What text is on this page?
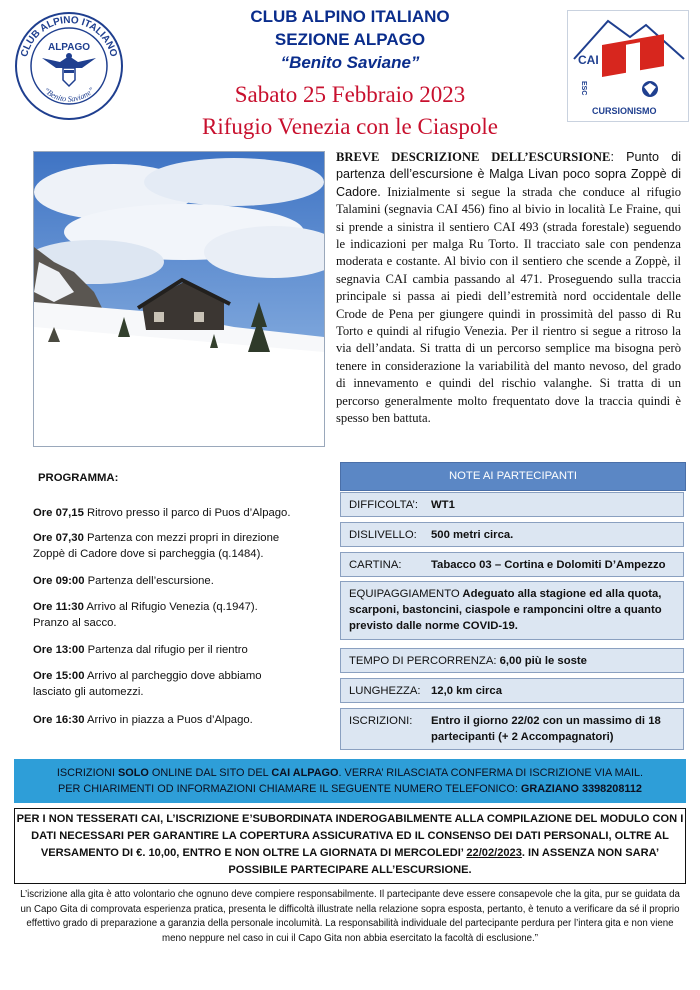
CLUB ALPINO ITALIANO
ALPAGO
“Benito Saviane”
CAI
ESC
CURSIONISMO
CLUB ALPINO ITALIANO
SEZIONE ALPAGO
“Benito Saviane”
Sabato 25 Febbraio 2023
Rifugio Venezia con le Ciaspole
BREVE DESCRIZIONE DELL’ESCURSIONE: Punto di partenza dell’escursione è Malga Livan poco sopra Zoppè di Cadore. Inizialmente si segue la strada che conduce al rifugio Talamini (segnavia CAI 456) fino al bivio in località Le Fraine, qui si prende a sinistra il sentiero CAI 493 (strada forestale) seguendo le indicazioni per malga Ru Torto. Il tracciato sale con pendenza moderata e costante. Al bivio con il sentiero che scende a Zoppè, il segnavia CAI cambia passando al 471. Proseguendo sulla traccia principale si passa ai piedi dell’estremità nord occidentale delle Crode de Pena per giungere quindi in prossimità del passo di Ru Torto e quindi al rifugio Venezia. Per il rientro si segue a ritroso la via dell’andata. Si tratta di un percorso semplice ma bisogna però tenere in considerazione la variabilità del manto nevoso, del grado di innevamento e quindi del rischio valanghe. Si tratta di un percorso generalmente molto frequentato dove la traccia quindi è spesso ben battuta.
PROGRAMMA:
Ore 07,15 Ritrovo presso il parco di Puos d’Alpago.
Ore 07,30 Partenza con mezzi propri in direzione Zoppè di Cadore dove si parcheggia (q.1484).
Ore 09:00 Partenza dell’escursione.
Ore 11:30 Arrivo al Rifugio Venezia (q.1947). Pranzo al sacco.
Ore 13:00 Partenza dal rifugio per il rientro
Ore 15:00 Arrivo al parcheggio dove abbiamo lasciato gli automezzi.
Ore 16:30 Arrivo in piazza a Puos d’Alpago.
NOTE AI PARTECIPANTI
DIFFICOLTA’: WT1
DISLIVELLO: 500 metri circa.
CARTINA:	Tabacco 03 – Cortina e Dolomiti D’Ampezzo
EQUIPAGGIAMENTO Adeguato alla stagione ed alla quota, scarponi, bastoncini, ciaspole e ramponcini oltre a quanto previsto dalle norme COVID-19.
TEMPO DI PERCORRENZA: 6,00 più le soste
LUNGHEZZA: 12,0 km circa
ISCRIZIONI:	Entro il giorno 22/02 con un massimo di 18 partecipanti (+ 2 Accompagnatori)
ISCRIZIONI SOLO ONLINE DAL SITO DEL CAI ALPAGO. VERRA’ RILASCIATA CONFERMA DI ISCRIZIONE VIA MAIL.
PER CHIARIMENTI OD INFORMAZIONI CHIAMARE IL SEGUENTE NUMERO TELEFONICO: GRAZIANO 3398208112
PER I NON TESSERATI CAI, L’ISCRIZIONE E’SUBORDINATA INDEROGABILMENTE ALLA COMPILAZIONE DEL MODULO CON I DATI NECESSARI PER GARANTIRE LA COPERTURA ASSICURATIVA ED IL CONSENSO DEI DATI PERSONALI, OLTRE AL VERSAMENTO DI €. 10,00, ENTRO E NON OLTRE LA GIORNATA DI MERCOLEDI’ 22/02/2023. IN ASSENZA NON SARA’ POSSIBILE PARTECIPARE ALL’ESCURSIONE.
L’iscrizione alla gita è atto volontario che ognuno deve compiere responsabilmente. Il partecipante deve essere consapevole che la gita, pur se guidata da un Capo Gita di comprovata esperienza pratica, presenta le difficoltà illustrate nella relazione sopra esposta, pertanto, è tenuto a verificare da sé il proprio effettivo grado di preparazione a garanzia della personale incolumità. La responsabilità individuale del partecipante perdura per l’intera gita e non viene meno neppure nel caso in cui il Capo Gita non abbia esercitato la facoltà di esclusione.”
